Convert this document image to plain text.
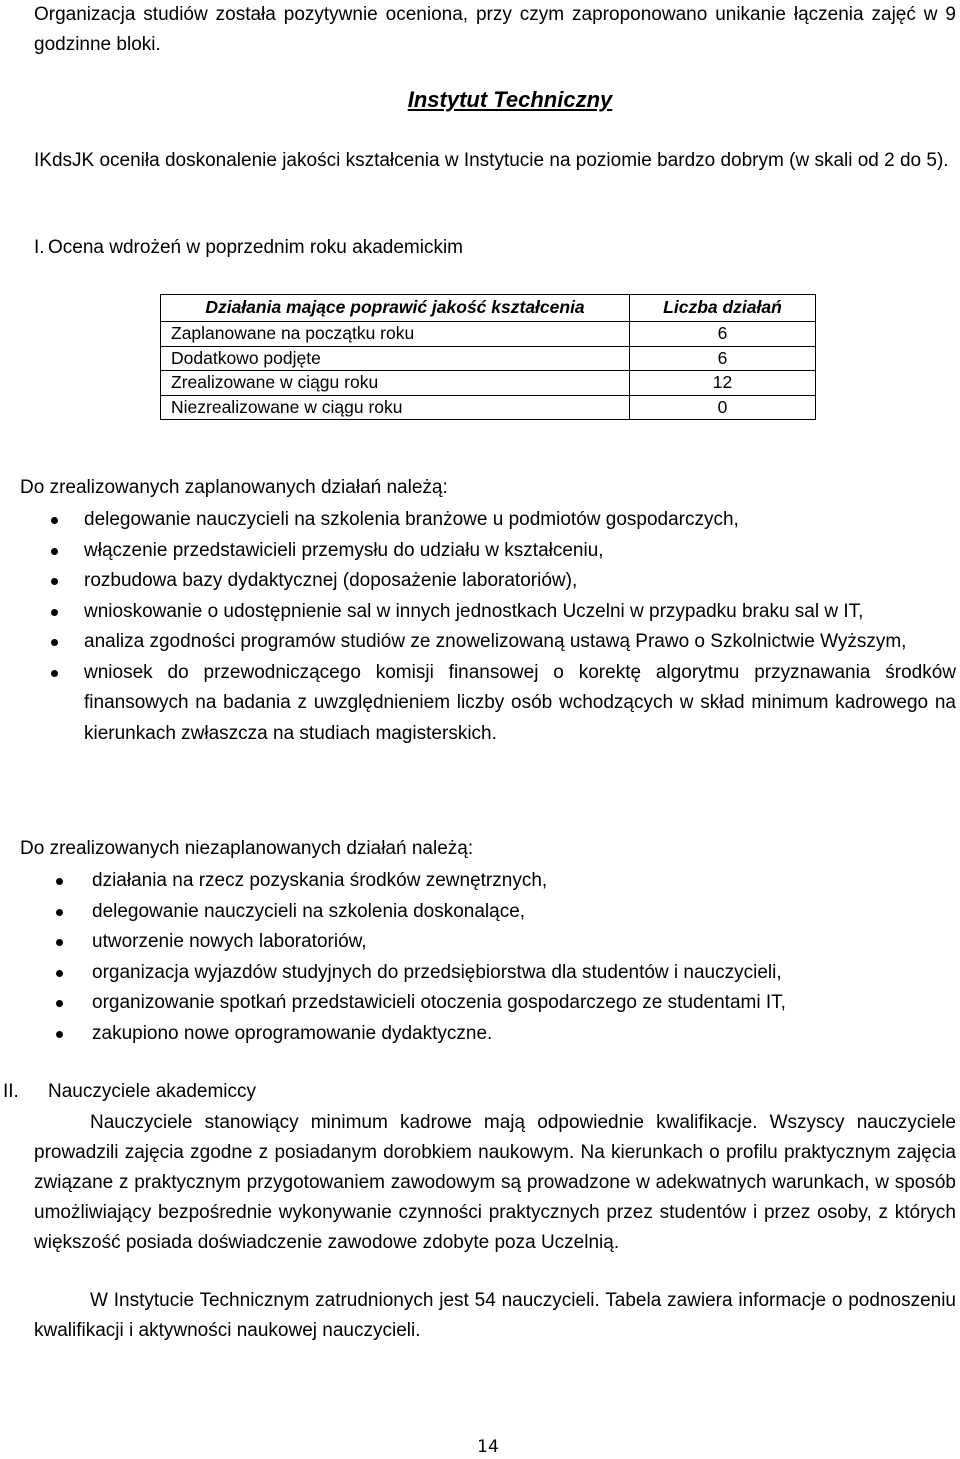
Organizacja studiów została pozytywnie oceniona, przy czym zaproponowano unikanie łączenia zajęć w 9 godzinne bloki.

Instytut Techniczny

IKdsJK oceniła doskonalenie jakości kształcenia w Instytucie na poziomie bardzo dobrym (w skali od 2 do 5).

I. Ocena wdrożeń w poprzednim roku akademickim
Działania mające poprawić jakość kształcenia	Liczba działań
Zaplanowane na początku roku	6
Dodatkowo podjęte	6
Zrealizowane w ciągu roku	12
Niezrealizowane w ciągu roku	0
Do zrealizowanych zaplanowanych działań należą:
delegowanie nauczycieli na szkolenia branżowe u podmiotów gospodarczych,
włączenie przedstawicieli przemysłu do udziału w kształceniu,
rozbudowa bazy dydaktycznej (doposażenie laboratoriów),
wnioskowanie o udostępnienie sal w innych jednostkach Uczelni w przypadku braku sal w IT,
analiza zgodności programów studiów ze znowelizowaną ustawą Prawo o Szkolnictwie Wyższym,
wniosek do przewodniczącego komisji finansowej o korektę algorytmu przyznawania środków finansowych na badania z uwzględnieniem liczby osób wchodzących w skład minimum kadrowego na kierunkach zwłaszcza na studiach magisterskich.
Do zrealizowanych niezaplanowanych działań należą:
działania na rzecz pozyskania środków zewnętrznych,
delegowanie nauczycieli na szkolenia doskonalące,
utworzenie nowych laboratoriów,
organizacja wyjazdów studyjnych do przedsiębiorstwa dla studentów i nauczycieli,
organizowanie spotkań przedstawicieli otoczenia gospodarczego ze studentami IT,
zakupiono nowe oprogramowanie dydaktyczne.
II. Nauczyciele akademiccy

Nauczyciele stanowiący minimum kadrowe mają odpowiednie kwalifikacje. Wszyscy nauczyciele prowadzili zajęcia zgodne z posiadanym dorobkiem naukowym. Na kierunkach o profilu praktycznym zajęcia związane z praktycznym przygotowaniem zawodowym są prowadzone w adekwatnych warunkach, w sposób umożliwiający bezpośrednie wykonywanie czynności praktycznych przez studentów i przez osoby, z których większość posiada doświadczenie zawodowe zdobyte poza Uczelnią.

W Instytucie Technicznym zatrudnionych jest 54 nauczycieli. Tabela zawiera informacje o podnoszeniu kwalifikacji i aktywności naukowej nauczycieli.

14
